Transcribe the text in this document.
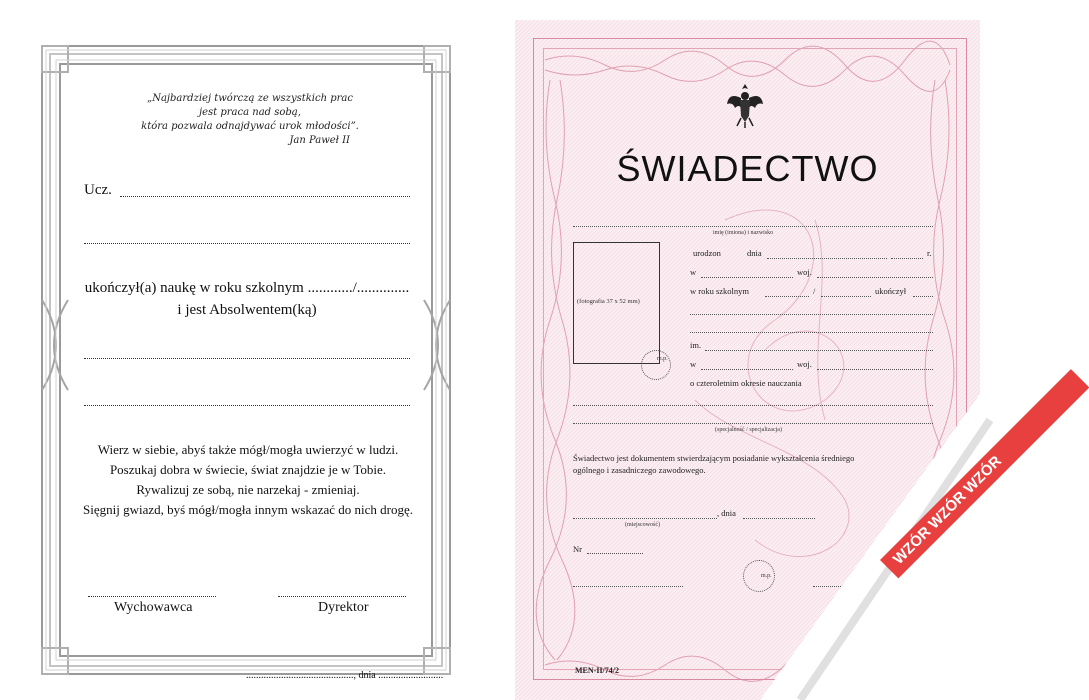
„Najbardziej twórczą ze wszystkich prac
jest praca nad sobą,
która pozwala odnajdywać urok młodości”.
Jan Paweł II
Ucz.
ukończył(a) naukę w roku szkolnym ............/..............
i jest Absolwentem(ką)
Wierz w siebie, abyś także mógł/mogła uwierzyć w ludzi.
Poszukaj dobra w świecie, świat znajdzie je w Tobie.
Rywalizuj ze sobą, nie narzekaj - zmieniaj.
Sięgnij gwiazd, byś mógł/mogła innym wskazać do nich drogę.
Wychowawca	Dyrektor
..........................................., dnia ..........................
ŚWIADECTWO
imię (imiona) i nazwisko
(fotografia 37 x 52 mm)
urodzon	dnia	r.
w	woj.
w roku szkolnym	/	ukończył
im.
w	woj.
m.p.
o czteroletnim okresie nauczania
(specjalność / specjalizacja)
Świadectwo jest dokumentem stwierdzającym posiadanie wykształcenia średniego
ogólnego i zasadniczego zawodowego.
(miejscowość)
, dnia
Nr
m.p.
MEN-II/74/2
WZÓR WZÓR WZÓR
